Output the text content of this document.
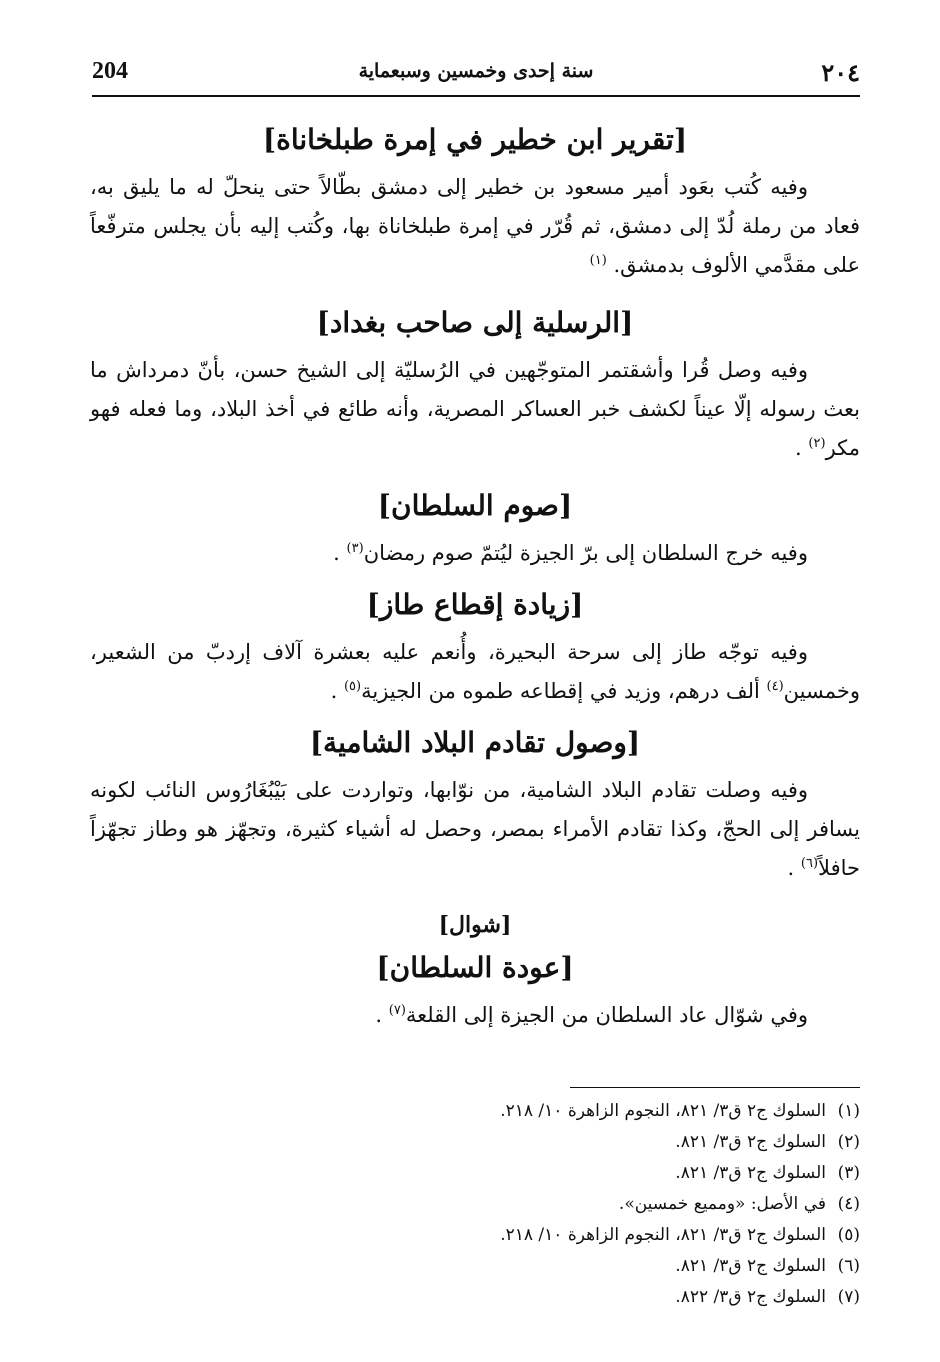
204	سنة إحدى وخمسين وسبعماية	٢٠٤
[تقرير ابن خطير في إمرة طبلخاناة]

وفيه كُتب بعَود أمير مسعود بن خطير إلى دمشق بطّالاً حتى ينحلّ له ما يليق به، فعاد من رملة لُدّ إلى دمشق، ثم قُرّر في إمرة طبلخاناة بها، وكُتب إليه بأن يجلس مترفّعاً على مقدَّمي الألوف بدمشق. $^{(١)}$

[الرسلية إلى صاحب بغداد]

وفيه وصل قُرا وأشقتمر المتوجّهين في الرُسليّة إلى الشيخ حسن، بأنّ دمرداش ما بعث رسوله إلّا عيناً لكشف خبر العساكر المصرية، وأنه طائع في أخذ البلاد، وما فعله فهو مكر$^{(٢)}$ .

[صوم السلطان]

وفيه خرج السلطان إلى برّ الجيزة ليُتمّ صوم رمضان$^{(٣)}$ .

[زيادة إقطاع طاز]

وفيه توجّه طاز إلى سرحة البحيرة، وأُنعم عليه بعشرة آلاف إردبّ من الشعير، وخمسين$^{(٤)}$ ألف درهم، وزيد في إقطاعه طموه من الجيزية$^{(٥)}$ .

[وصول تقادم البلاد الشامية]

وفيه وصلت تقادم البلاد الشامية، من نوّابها، وتواردت على بَيْبُغَارُوس النائب لكونه يسافر إلى الحجّ، وكذا تقادم الأمراء بمصر، وحصل له أشياء كثيرة، وتجهّز هو وطاز تجهّزاً حافلاً$^{(٦)}$ .

[شوال]
[عودة السلطان]

وفي شوّال عاد السلطان من الجيزة إلى القلعة$^{(٧)}$ .

(١)السلوك ج٢ ق٣/ ٨٢١، النجوم الزاهرة ١٠/ ٢١٨.
(٢)السلوك ج٢ ق٣/ ٨٢١.
(٣)السلوك ج٢ ق٣/ ٨٢١.
(٤)في الأصل: «ومميع خمسين».
(٥)السلوك ج٢ ق٣/ ٨٢١، النجوم الزاهرة ١٠/ ٢١٨.
(٦)السلوك ج٢ ق٣/ ٨٢١.
(٧)السلوك ج٢ ق٣/ ٨٢٢.
